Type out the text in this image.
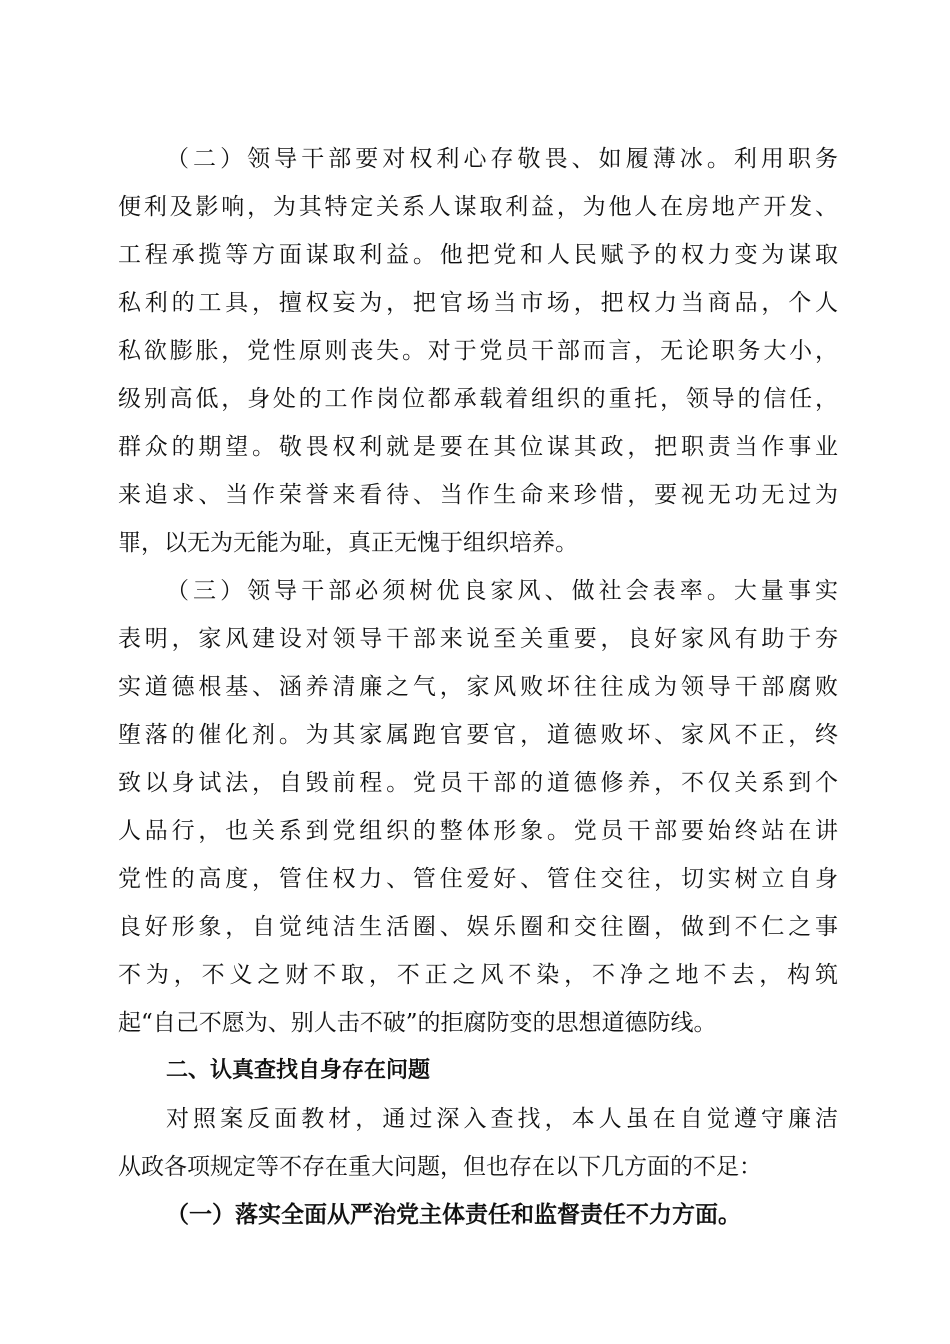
（二）领导干部要对权利心存敬畏、如履薄冰。利用职务
便利及影响，为其特定关系人谋取利益，为他人在房地产开发、
工程承揽等方面谋取利益。他把党和人民赋予的权力变为谋取
私利的工具，擅权妄为，把官场当市场，把权力当商品，个人
私欲膨胀，党性原则丧失。对于党员干部而言，无论职务大小，
级别高低，身处的工作岗位都承载着组织的重托，领导的信任，
群众的期望。敬畏权利就是要在其位谋其政，把职责当作事业
来追求、当作荣誉来看待、当作生命来珍惜，要视无功无过为
罪，以无为无能为耻，真正无愧于组织培养。
（三）领导干部必须树优良家风、做社会表率。大量事实
表明，家风建设对领导干部来说至关重要，良好家风有助于夯
实道德根基、涵养清廉之气，家风败坏往往成为领导干部腐败
堕落的催化剂。为其家属跑官要官，道德败坏、家风不正，终
致以身试法，自毁前程。党员干部的道德修养，不仅关系到个
人品行，也关系到党组织的整体形象。党员干部要始终站在讲
党性的高度，管住权力、管住爱好、管住交往，切实树立自身
良好形象，自觉纯洁生活圈、娱乐圈和交往圈，做到不仁之事
不为，不义之财不取，不正之风不染，不净之地不去，构筑
起“自己不愿为、别人击不破”的拒腐防变的思想道德防线。
二、认真查找自身存在问题
对照案反面教材，通过深入查找，本人虽在自觉遵守廉洁
从政各项规定等不存在重大问题，但也存在以下几方面的不足：
（一）落实全面从严治党主体责任和监督责任不力方面。
